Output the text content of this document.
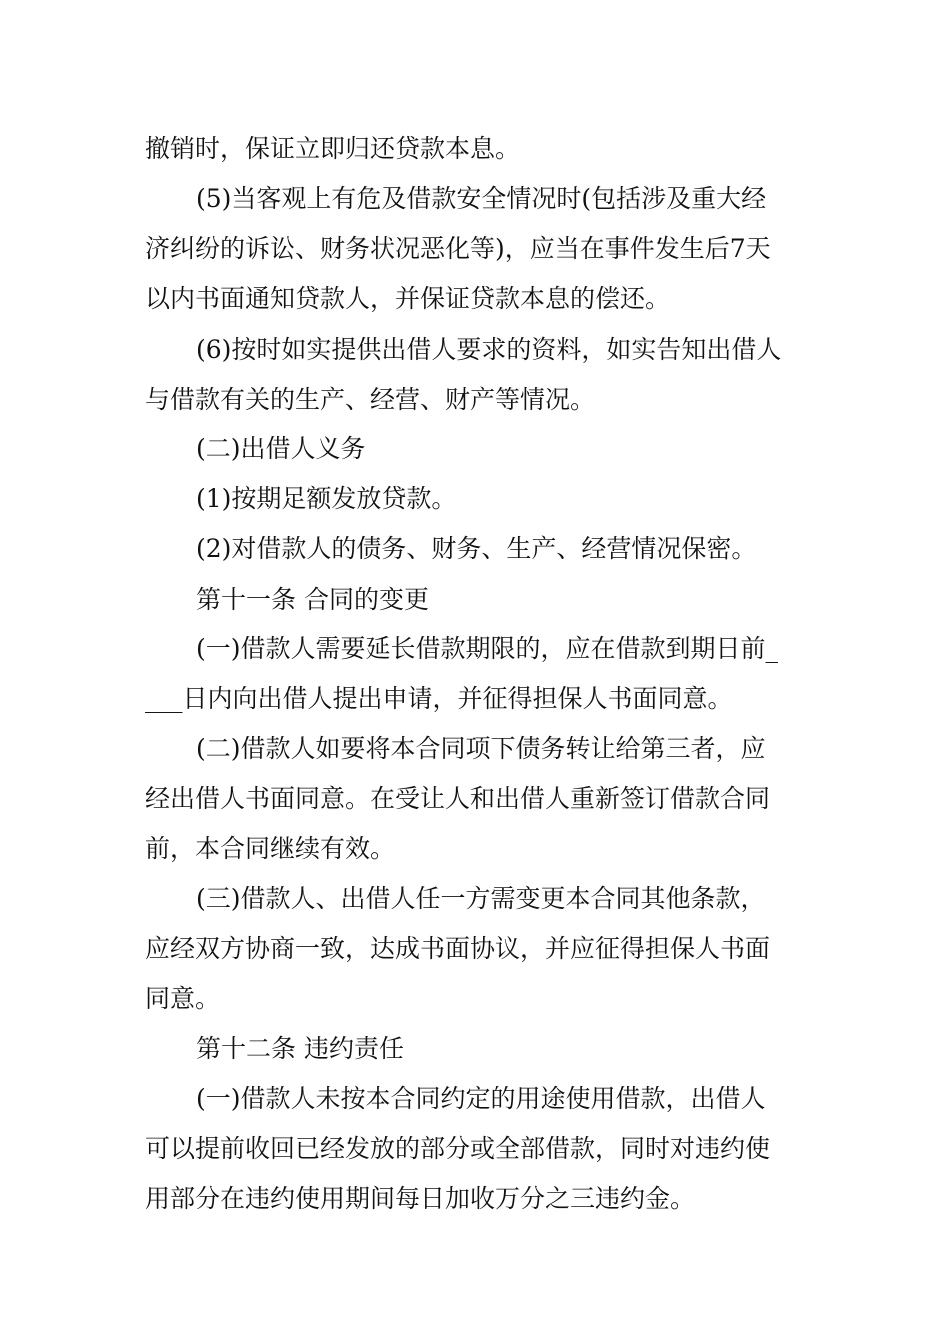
撤销时，保证立即归还贷款本息。
(5)当客观上有危及借款安全情况时(包括涉及重大经
济纠纷的诉讼、财务状况恶化等)，应当在事件发生后7天
以内书面通知贷款人，并保证贷款本息的偿还。
(6)按时如实提供出借人要求的资料，如实告知出借人
与借款有关的生产、经营、财产等情况。
(二)出借人义务
(1)按期足额发放贷款。
(2)对借款人的债务、财务、生产、经营情况保密。
第十一条 合同的变更
(一)借款人需要延长借款期限的，应在借款到期日前_
___日内向出借人提出申请，并征得担保人书面同意。
(二)借款人如要将本合同项下债务转让给第三者，应
经出借人书面同意。在受让人和出借人重新签订借款合同
前，本合同继续有效。
(三)借款人、出借人任一方需变更本合同其他条款，
应经双方协商一致，达成书面协议，并应征得担保人书面
同意。
第十二条 违约责任
(一)借款人未按本合同约定的用途使用借款，出借人
可以提前收回已经发放的部分或全部借款，同时对违约使
用部分在违约使用期间每日加收万分之三违约金。
